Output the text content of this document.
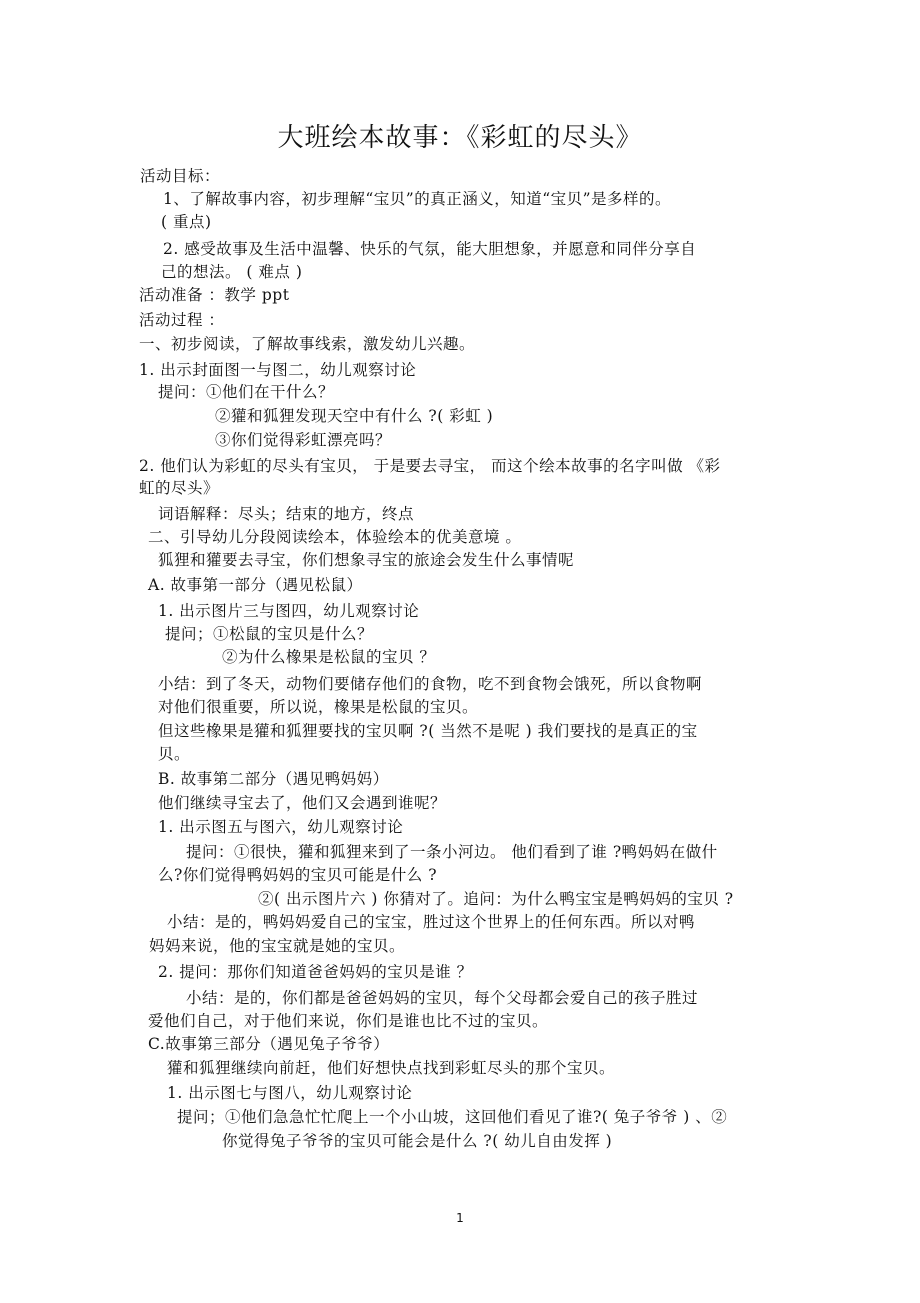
大班绘本故事：《彩虹的尽头》
活动目标：
1、了解故事内容，初步理解“宝贝”的真正涵义，知道“宝贝”是多样的。
( 重点)
2. 感受故事及生活中温馨、快乐的气氛，能大胆想象，并愿意和同伴分享自
己的想法。 ( 难点 )
活动准备 ：教学 ppt
活动过程 ：
一、初步阅读，了解故事线索，激发幼儿兴趣。
1. 出示封面图一与图二，幼儿观察讨论
提问：①他们在干什么？
②獾和狐狸发现天空中有什么 ?( 彩虹 )
③你们觉得彩虹漂亮吗？
2. 他们认为彩虹的尽头有宝贝， 于是要去寻宝， 而这个绘本故事的名字叫做 《彩
虹的尽头》
词语解释：尽头；结束的地方，终点
二、引导幼儿分段阅读绘本，体验绘本的优美意境 。
狐狸和獾要去寻宝，你们想象寻宝的旅途会发生什么事情呢
A. 故事第一部分（遇见松鼠）
1. 出示图片三与图四，幼儿观察讨论
提问；①松鼠的宝贝是什么？
②为什么橡果是松鼠的宝贝 ？
小结：到了冬天，动物们要储存他们的食物，吃不到食物会饿死，所以食物啊
对他们很重要，所以说，橡果是松鼠的宝贝。
但这些橡果是獾和狐狸要找的宝贝啊 ?( 当然不是呢 ) 我们要找的是真正的宝
贝。
B. 故事第二部分（遇见鸭妈妈）
他们继续寻宝去了，他们又会遇到谁呢？
1. 出示图五与图六，幼儿观察讨论
提问：①很快，獾和狐狸来到了一条小河边。 他们看到了谁 ?鸭妈妈在做什
么?你们觉得鸭妈妈的宝贝可能是什么 ?
②( 出示图片六 ) 你猜对了。追问：为什么鸭宝宝是鸭妈妈的宝贝 ?
小结：是的，鸭妈妈爱自己的宝宝，胜过这个世界上的任何东西。所以对鸭
妈妈来说，他的宝宝就是她的宝贝。
2. 提问：那你们知道爸爸妈妈的宝贝是谁 ？
小结：是的，你们都是爸爸妈妈的宝贝，每个父母都会爱自己的孩子胜过
爱他们自己，对于他们来说，你们是谁也比不过的宝贝。
C.故事第三部分（遇见兔子爷爷）
獾和狐狸继续向前赶，他们好想快点找到彩虹尽头的那个宝贝。
1. 出示图七与图八，幼儿观察讨论
提问；①他们急急忙忙爬上一个小山坡，这回他们看见了谁?( 兔子爷爷 ) 、②
你觉得兔子爷爷的宝贝可能会是什么 ?( 幼儿自由发挥 )
1
